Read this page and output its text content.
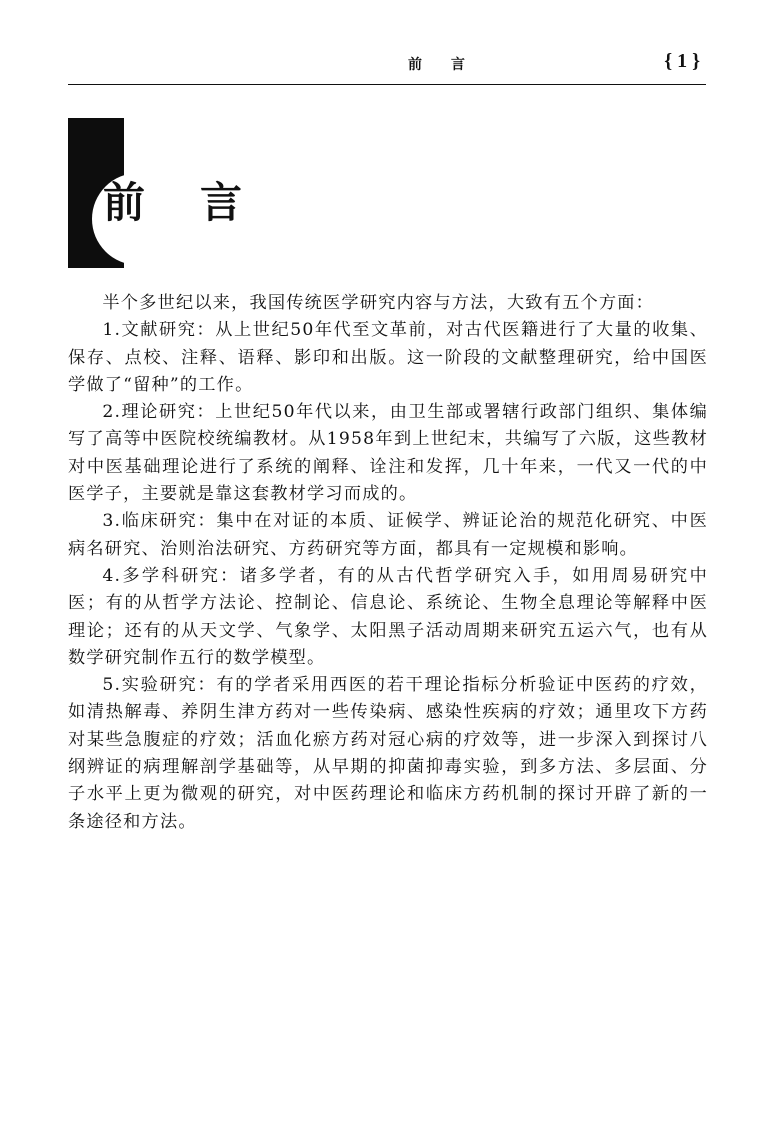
前 言	{ 1 }
前 言

半个多世纪以来，我国传统医学研究内容与方法，大致有五个方面：

1.文献研究：从上世纪50年代至文革前，对古代医籍进行了大量的收集、保存、点校、注释、语释、影印和出版。这一阶段的文献整理研究，给中国医学做了“留种”的工作。

2.理论研究：上世纪50年代以来，由卫生部或署辖行政部门组织、集体编写了高等中医院校统编教材。从1958年到上世纪末，共编写了六版，这些教材对中医基础理论进行了系统的阐释、诠注和发挥，几十年来，一代又一代的中医学子，主要就是靠这套教材学习而成的。

3.临床研究：集中在对证的本质、证候学、辨证论治的规范化研究、中医病名研究、治则治法研究、方药研究等方面，都具有一定规模和影响。

4.多学科研究：诸多学者，有的从古代哲学研究入手，如用周易研究中医；有的从哲学方法论、控制论、信息论、系统论、生物全息理论等解释中医理论；还有的从天文学、气象学、太阳黑子活动周期来研究五运六气，也有从数学研究制作五行的数学模型。

5.实验研究：有的学者采用西医的若干理论指标分析验证中医药的疗效，如清热解毒、养阴生津方药对一些传染病、感染性疾病的疗效；通里攻下方药对某些急腹症的疗效；活血化瘀方药对冠心病的疗效等，进一步深入到探讨八纲辨证的病理解剖学基础等，从早期的抑菌抑毒实验，到多方法、多层面、分子水平上更为微观的研究，对中医药理论和临床方药机制的探讨开辟了新的一条途径和方法。
